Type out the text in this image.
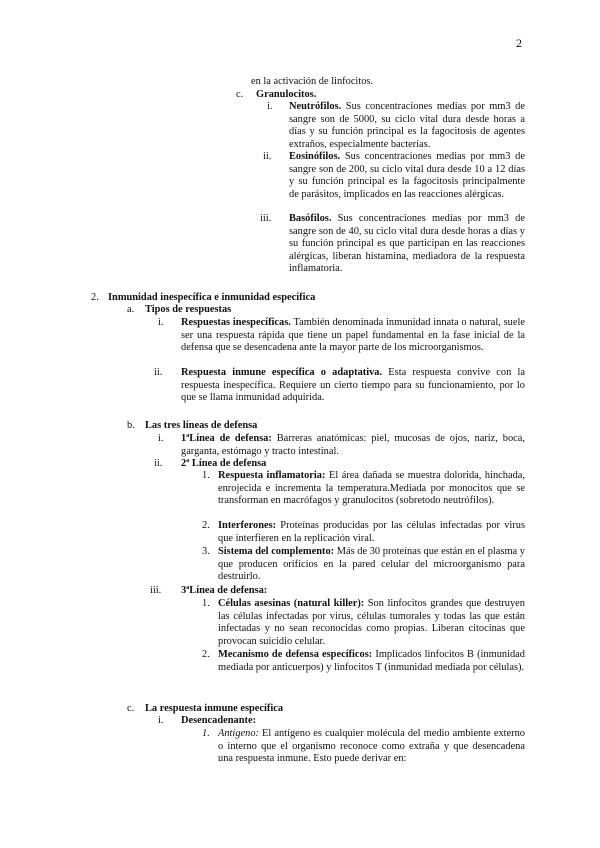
2
en la activación de linfocitos.
c. Granulocitos.
i. Neutrófilos. Sus concentraciones medias por mm3 de sangre son de 5000, su ciclo vital dura desde horas a días y su función principal es la fagocitosis de agentes extraños, especialmente bacterias.
ii. Eosinófilos. Sus concentraciones medias por mm3 de sangre son de 200, su ciclo vital dura desde 10 a 12 días y su función principal es la fagocitosis principalmente de parásitos, implicados en las reacciones alérgicas.
iii. Basófilos. Sus concentraciones medias por mm3 de sangre son de 40, su ciclo vital dura desde horas a días y su función principal es que participan en las reacciones alérgicas, liberan histamina, mediadora de la respuesta inflamatoria.
2. Inmunidad inespecífica e inmunidad específica
a. Tipos de respuestas
i. Respuestas inespecíficas. También denominada inmunidad innata o natural, suele ser una respuesta rápida que tiene un papel fundamental en la fase inicial de la defensa que se desencadena ante la mayor parte de los microorganismos.
ii. Respuesta inmune específica o adaptativa. Esta respuesta convive con la respuesta inespecífica. Requiere un cierto tiempo para su funcionamiento, por lo que se llama inmunidad adquirida.
b. Las tres líneas de defensa
i. 1ªLínea de defensa: Barreras anatómicas: piel, mucosas de ojos, nariz, boca, garganta, estómago y tracto intestinal.
ii. 2ª Línea de defensa
1. Respuesta inflamatoria: El área dañada se muestra dolorida, hinchada, enrojecida e incrementa la temperatura.Mediada por monocitos que se transforman en macrófagos y granulocitos (sobretodo neutrófilos).
2. Interferones: Proteínas producidas por las células infectadas por virus que interfieren en la replicación viral.
3. Sistema del complemento: Más de 30 proteínas que están en el plasma y que producen orificios en la pared celular del microorganismo para destruirlo.
iii. 3ªLínea de defensa:
1. Células asesinas (natural killer): Son linfocitos grandes que destruyen las células infectadas por virus, células tumorales y todas las que están infectadas y no sean reconocidas como propias. Liberan citocinas que provocan suicidio celular.
2. Mecanismo de defensa específicos: Implicados linfocitos B (inmunidad mediada por anticuerpos) y linfocitos T (inmunidad mediada por células).
c. La respuesta inmune específica
i. Desencadenante:
1. Antígeno: El antígeno es cualquier molécula del medio ambiente externo o interno que el organismo reconoce como extraña y que desencadena una respuesta inmune. Esto puede derivar en:
